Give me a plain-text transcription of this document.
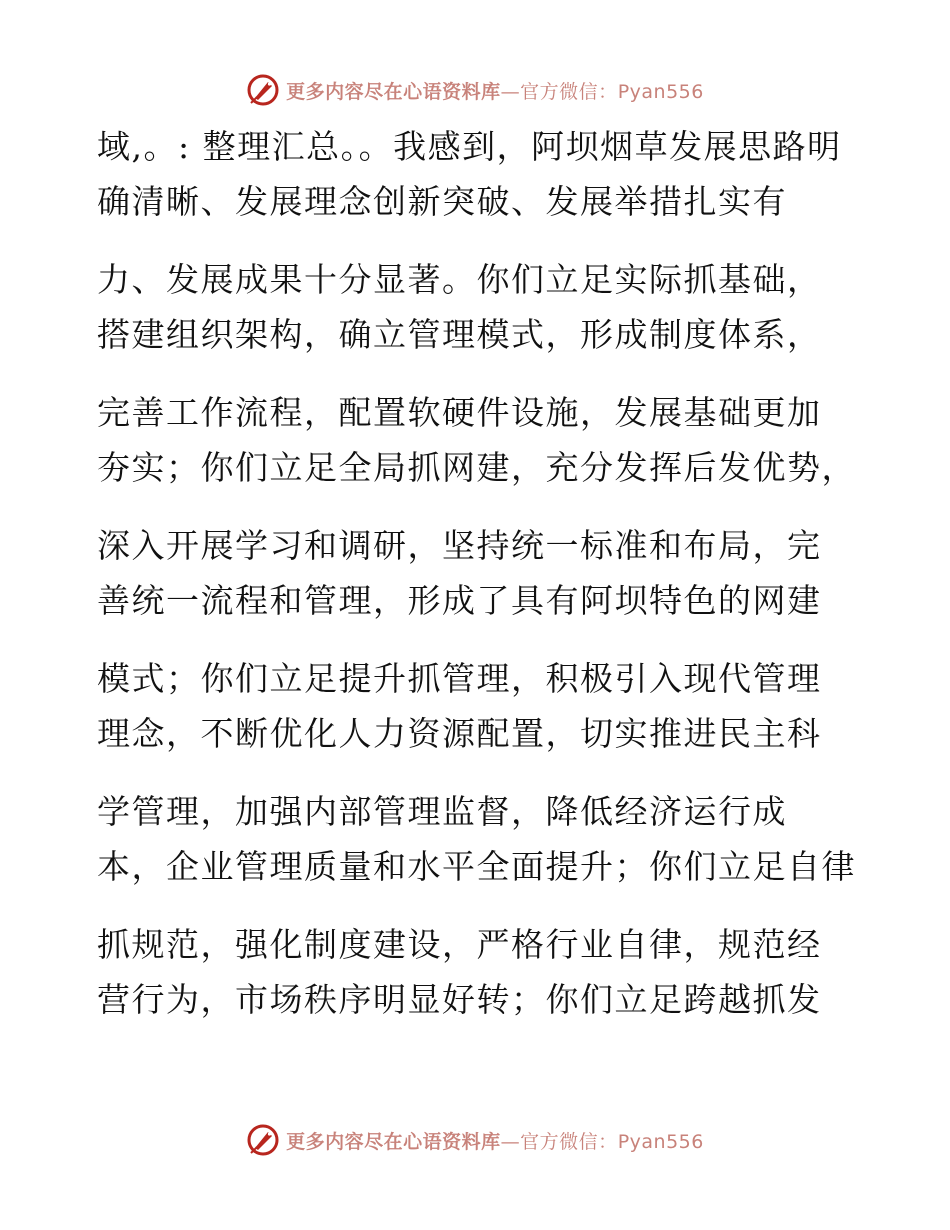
更多内容尽在心语资料库—官方微信：Pyan556
域,。: 整理汇总。。我感到，阿坝烟草发展思路明
确清晰、发展理念创新突破、发展举措扎实有
力、发展成果十分显著。你们立足实际抓基础，
搭建组织架构，确立管理模式，形成制度体系，
完善工作流程，配置软硬件设施，发展基础更加
夯实；你们立足全局抓网建，充分发挥后发优势，
深入开展学习和调研，坚持统一标准和布局，完
善统一流程和管理，形成了具有阿坝特色的网建
模式；你们立足提升抓管理，积极引入现代管理
理念，不断优化人力资源配置，切实推进民主科
学管理，加强内部管理监督，降低经济运行成
本，企业管理质量和水平全面提升；你们立足自律
抓规范，强化制度建设，严格行业自律，规范经
营行为，市场秩序明显好转；你们立足跨越抓发
更多内容尽在心语资料库—官方微信：Pyan556
